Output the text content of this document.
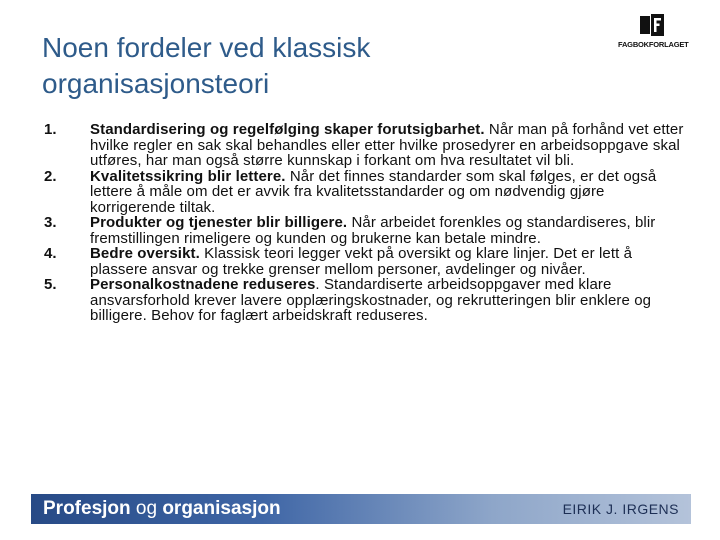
Noen fordeler ved klassisk
organisasjonsteori
FAGBOKFORLAGET
1. Standardisering og regelfølging skaper forutsigbarhet. Når man på forhånd vet etter hvilke regler en sak skal behandles eller etter hvilke prosedyrer en arbeidsoppgave skal utføres, har man også større kunnskap i forkant om hva resultatet vil bli.
2. Kvalitetssikring blir lettere. Når det finnes standarder som skal følges, er det også lettere å måle om det er avvik fra kvalitetsstandarder og om nødvendig gjøre korrigerende tiltak.
3. Produkter og tjenester blir billigere. Når arbeidet forenkles og standardiseres, blir fremstillingen rimeligere og kunden og brukerne kan betale mindre.
4. Bedre oversikt. Klassisk teori legger vekt på oversikt og klare linjer. Det er lett å plassere ansvar og trekke grenser mellom personer, avdelinger og nivåer.
5. Personalkostnadene reduseres. Standardiserte arbeidsoppgaver med klare ansvarsforhold krever lavere opplæringskostnader, og rekrutteringen blir enklere og billigere. Behov for faglært arbeidskraft reduseres.
Profesjon og organisasjon	EIRIK J. IRGENS
